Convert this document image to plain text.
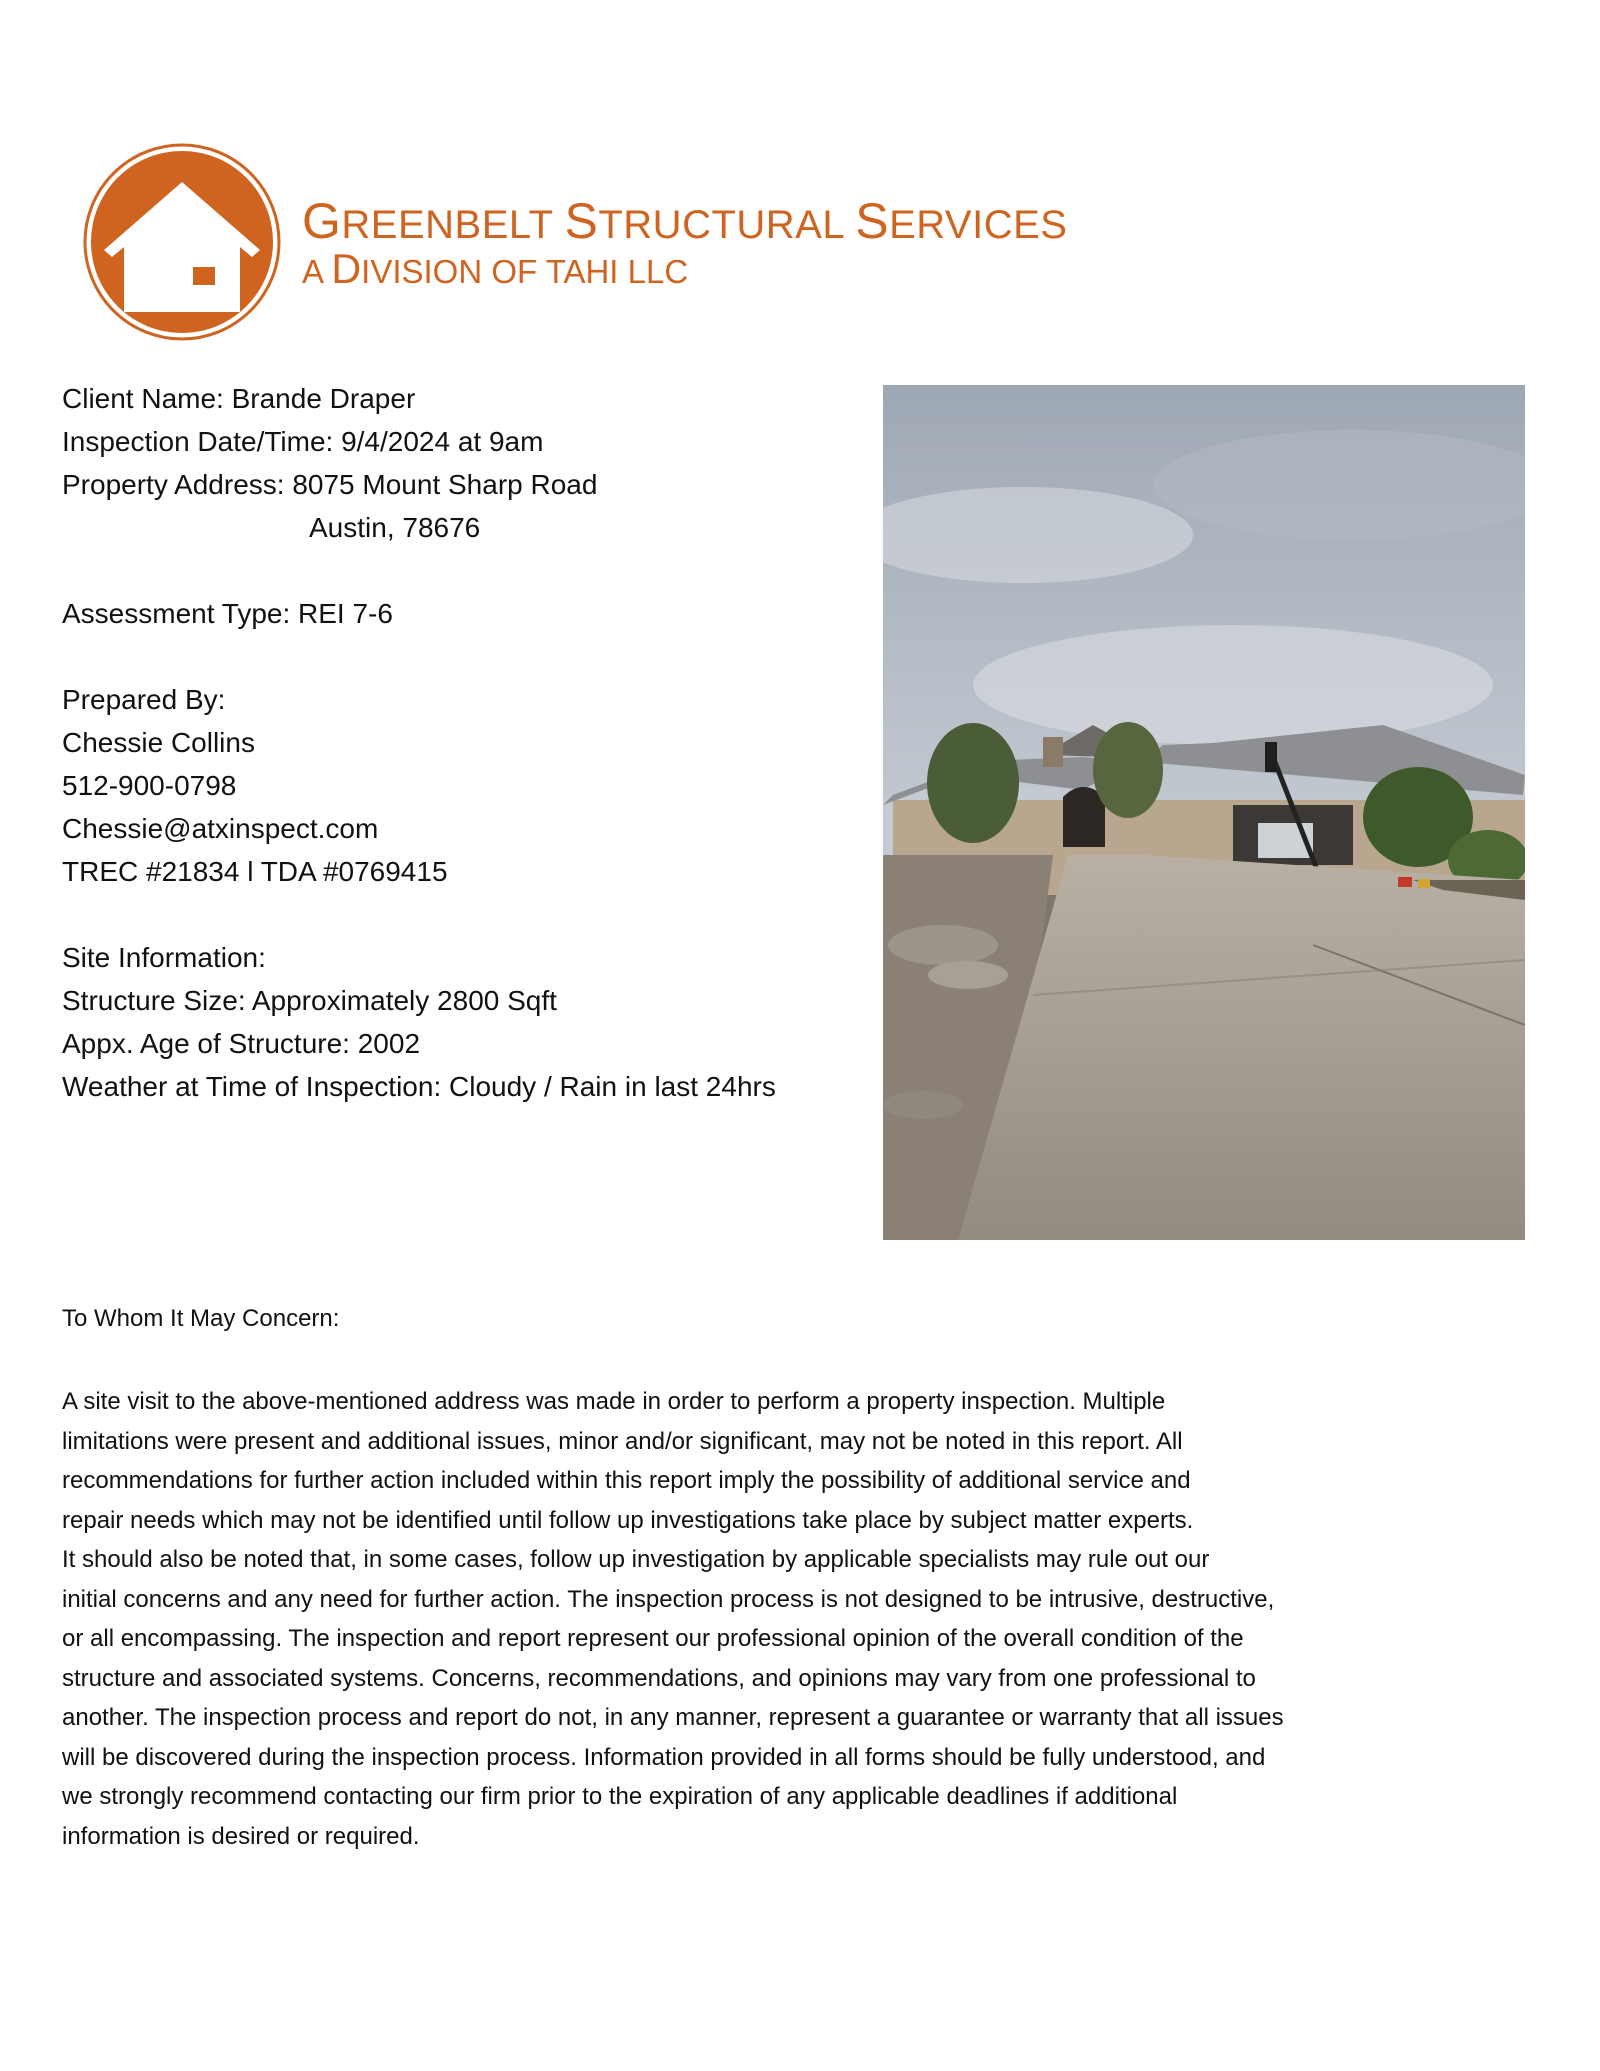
GREENBELT STRUCTURAL SERVICES
A DIVISION OF TAHI LLC
Client Name: Brande Draper
Inspection Date/Time: 9/4/2024 at 9am
Property Address: 8075 Mount Sharp Road
Austin, 78676
Assessment Type: REI 7-6
Prepared By:
Chessie Collins
512-900-0798
Chessie@atxinspect.com
TREC #21834 l TDA #0769415
Site Information:
Structure Size: Approximately 2800 Sqft
Appx. Age of Structure: 2002
Weather at Time of Inspection: Cloudy / Rain in last 24hrs
To Whom It May Concern:
A site visit to the above-mentioned address was made in order to perform a property inspection. Multiple
limitations were present and additional issues, minor and/or significant, may not be noted in this report. All
recommendations for further action included within this report imply the possibility of additional service and
repair needs which may not be identified until follow up investigations take place by subject matter experts.
It should also be noted that, in some cases, follow up investigation by applicable specialists may rule out our
initial concerns and any need for further action. The inspection process is not designed to be intrusive, destructive,
or all encompassing. The inspection and report represent our professional opinion of the overall condition of the
structure and associated systems. Concerns, recommendations, and opinions may vary from one professional to
another. The inspection process and report do not, in any manner, represent a guarantee or warranty that all issues
will be discovered during the inspection process. Information provided in all forms should be fully understood, and
we strongly recommend contacting our firm prior to the expiration of any applicable deadlines if additional
information is desired or required.
